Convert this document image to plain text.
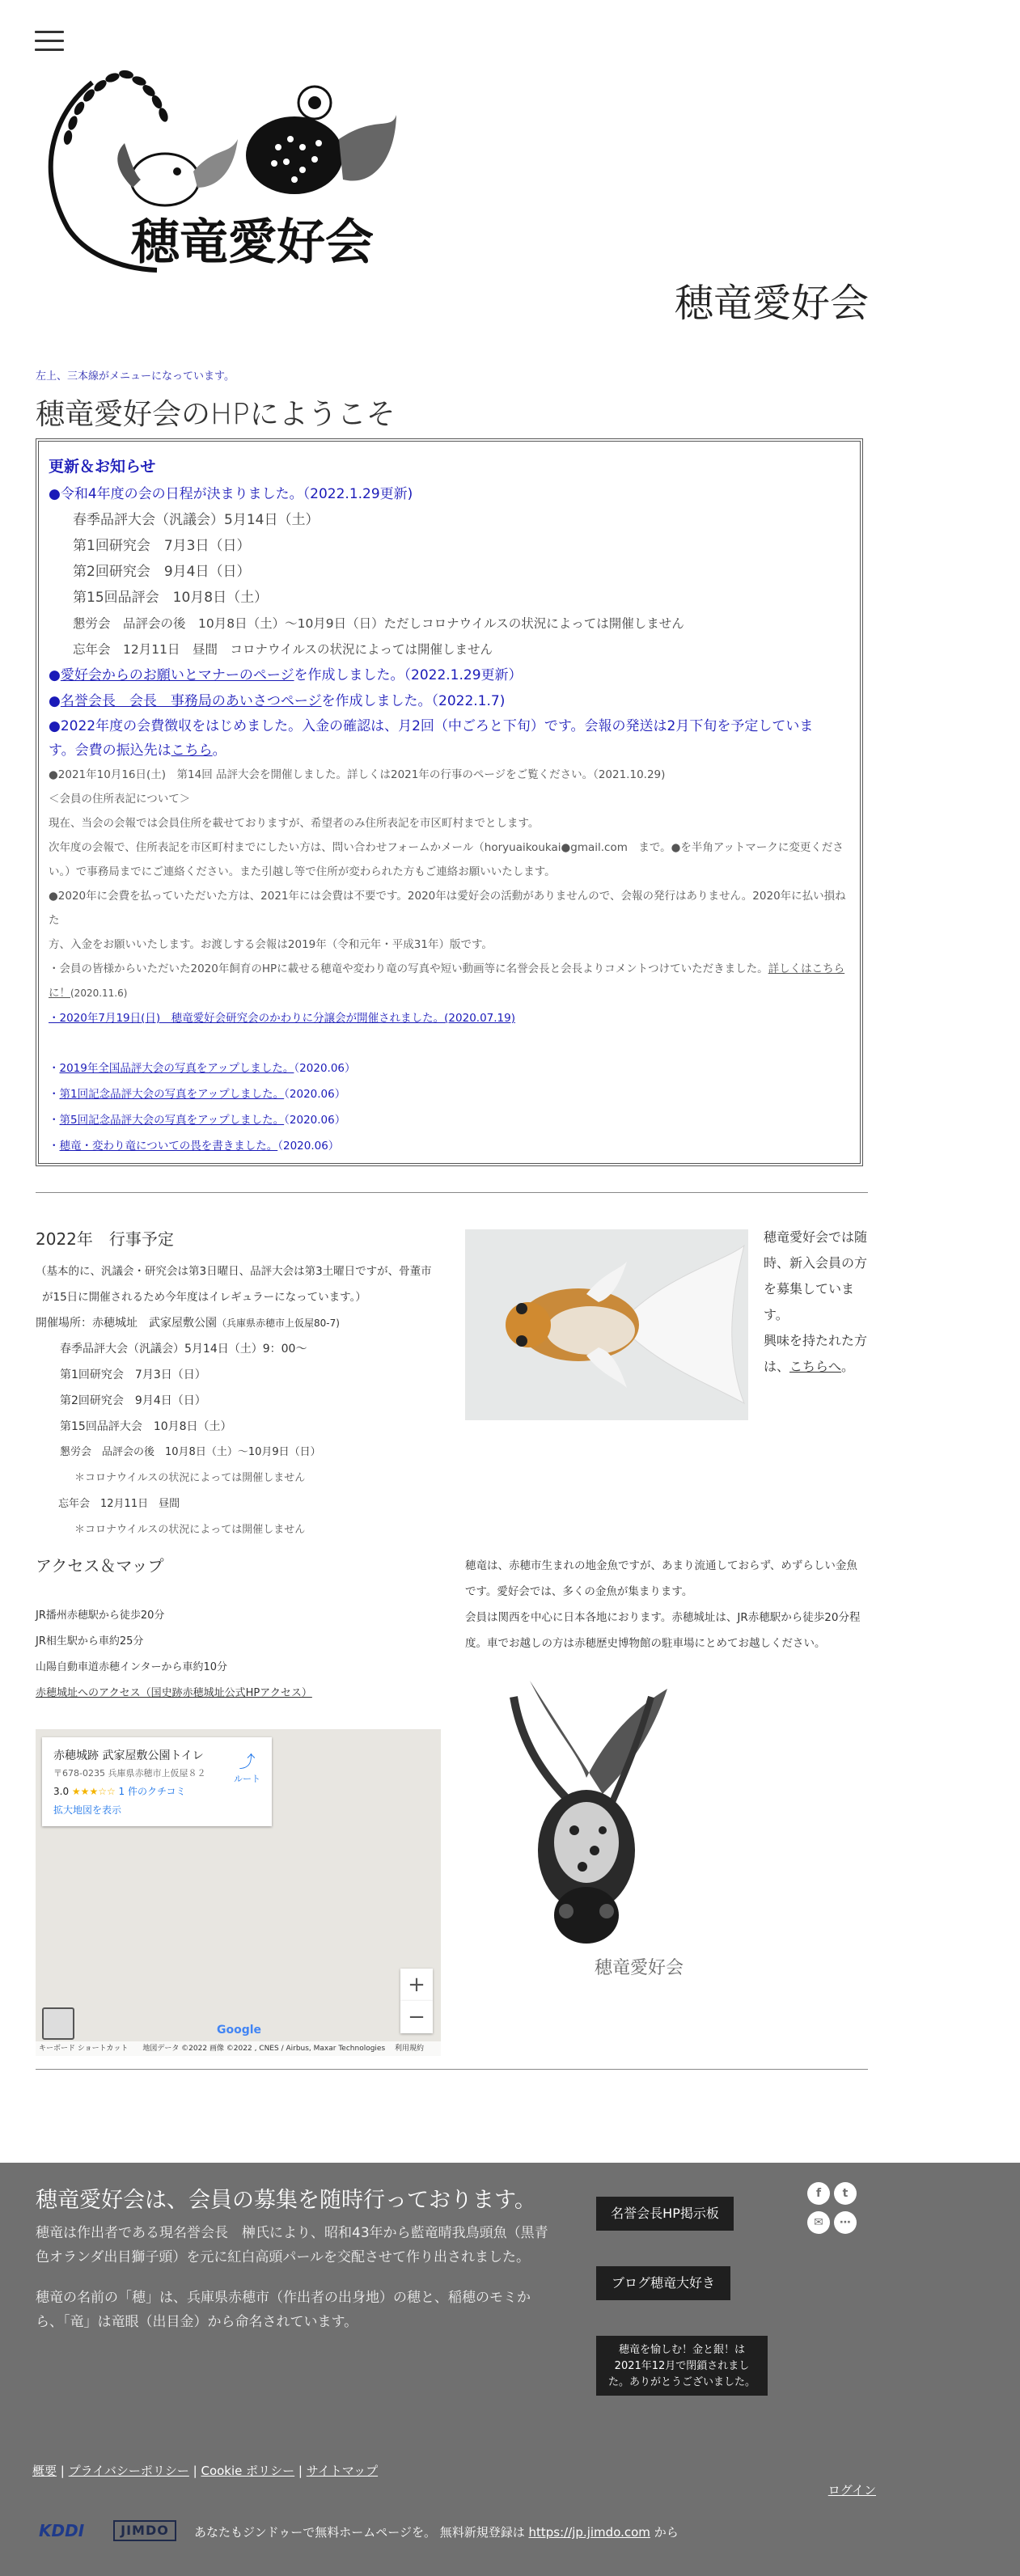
穂竜愛好会
穂竜愛好会
左上、三本線がメニューになっています。
穂竜愛好会のHPにようこそ
更新＆お知らせ
●令和4年度の会の日程が決まりました。（2022.1.29更新)
春季品評大会（汎議会）5月14日（土）
第1回研究会　7月3日（日）
第2回研究会　9月4日（日）
第15回品評会　10月8日（土）
懇労会　品評会の後　10月8日（土）～10月9日（日）ただしコロナウイルスの状況によっては開催しません
忘年会　12月11日　昼間　コロナウイルスの状況によっては開催しません
●愛好会からのお願いとマナーのページを作成しました。（2022.1.29更新）
●名誉会長　会長　事務局のあいさつページを作成しました。（2022.1.7)
●2022年度の会費徴収をはじめました。入金の確認は、月2回（中ごろと下旬）です。会報の発送は2月下旬を予定していま
す。会費の振込先はこちら。
●2021年10月16日(土)　第14回 品評大会を開催しました。詳しくは2021年の行事のページをご覧ください。（2021.10.29)
＜会員の住所表記について＞
現在、当会の会報では会員住所を載せておりますが、希望者のみ住所表記を市区町村までとします。
次年度の会報で、住所表記を市区町村までにしたい方は、問い合わせフォームかメール（horyuaikoukai●gmail.com　まで。●を半角アットマークに変更くださ
い。）で事務局までにご連絡ください。また引越し等で住所が変わられた方もご連絡お願いいたします。
●2020年に会費を払っていただいた方は、2021年には会費は不要です。2020年は愛好会の活動がありませんので、会報の発行はありません。2020年に払い損ねた
方、入金をお願いいたします。お渡しする会報は2019年（令和元年・平成31年）版です。
・会員の皆様からいただいた2020年飼育のHPに載せる穂竜や変わり竜の写真や短い動画等に名誉会長と会長よりコメントつけていただきました。詳しくはこちら
に！(2020.11.6)
・2020年7月19日(日)　穂竜愛好会研究会のかわりに分譲会が開催されました。(2020.07.19)
・2019年全国品評大会の写真をアップしました。（2020.06）
・第1回記念品評大会の写真をアップしました。（2020.06）
・第5回記念品評大会の写真をアップしました。（2020.06）
・穂竜・変わり竜についての畏を書きました。（2020.06）
2022年　行事予定
（基本的に、汎議会・研究会は第3日曜日、品評大会は第3土曜日ですが、骨董市
が15日に開催されるため今年度はイレギュラーになっています。）
開催場所：赤穂城址　武家屋敷公園（兵庫県赤穂市上仮屋80-7)
春季品評大会（汎議会）5月14日（土）9：00～
第1回研究会　7月3日（日）
第2回研究会　9月4日（日）
第15回品評大会　10月8日（土）
懇労会　品評会の後　10月8日（土）～10月9日（日）
＊コロナウイルスの状況によっては開催しません
忘年会　12月11日　昼間
＊コロナウイルスの状況によっては開催しません
穂竜愛好会では随
時、新入会員の方
を募集していま
す。
興味を持たれた方
は、こちらへ。
アクセス＆マップ
JR播州赤穂駅から徒歩20分
JR相生駅から車約25分
山陽自動車道赤穂インターから車約10分
赤穂城址へのアクセス（国史跡赤穂城址公式HPアクセス）
赤穂城跡 武家屋敷公園トイレ
〒678-0235 兵庫県赤穂市上仮屋８２
3.0 ★★★☆☆ 1 件のクチコミ
拡大地図を表示
⤴
ルート
+
−
Google
キーボード ショートカット　　地図データ ©2022 画像 ©2022 , CNES / Airbus, Maxar Technologies　 利用規約
穂竜は、赤穂市生まれの地金魚ですが、あまり流通しておらず、めずらしい金魚
です。愛好会では、多くの金魚が集まります。
会員は関西を中心に日本各地におります。赤穂城址は、JR赤穂駅から徒歩20分程
度。車でお越しの方は赤穂歴史博物館の駐車場にとめてお越しください。
穂竜愛好会
穂竜愛好会は、会員の募集を随時行っております。

穂竜は作出者である現名誉会長　榊氏により、昭和43年から藍竜晴我鳥頭魚（黒青

色オランダ出目獅子頭）を元に紅白高頭パールを交配させて作り出されました。

穂竜の名前の「穂」は、兵庫県赤穂市（作出者の出身地）の穂と、稲穂のモミか

ら、「竜」は竜眼（出目金）から命名されています。

名誉会長HP掲示板
ブログ穂竜大好き
穂竜を愉しむ！金と銀！は
2021年12月で閉鎖されまし
た。ありがとうございました。
f	t
✉	⋯
概要 | プライバシーポリシー | Cookie ポリシー | サイトマップ
ログイン
KDDI	JIMDO	あなたもジンドゥーで無料ホームページを。 無料新規登録は https://jp.jimdo.com から
